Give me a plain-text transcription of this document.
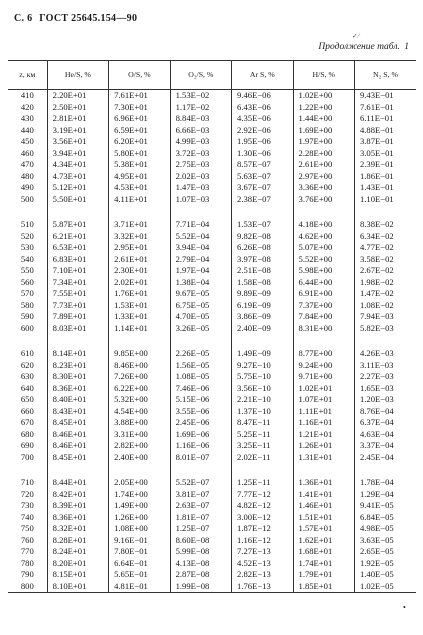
С. 6 ГОСТ 25645.154—90
✓∕
Продолжение табл. 1
z, км	He/S, %	O/S, %	O₂/S, %	Ar S, %	H/S, %	N₂ S, %
410	2.20E+01	7.61E+01	1.53E−02	9.46E−06	1.02E+00	9.43E−01
420	2.50E+01	7.30E+01	1.17E−02	6.43E−06	1.22E+00	7.61E−01
430	2.81E+01	6.96E+01	8.84E−03	4.35E−06	1.44E+00	6.11E−01
440	3.19E+01	6.59E+01	6.66E−03	2.92E−06	1.69E+00	4.88E−01
450	3.56E+01	6.20E+01	4.99E−03	1.95E−06	1.97E+00	3.87E−01
460	3.94E+01	5.80E+01	3.72E−03	1.30E−06	2.28E+00	3.05E−01
470	4.34E+01	5.38E+01	2.75E−03	8.57E−07	2.61E+00	2.39E−01
480	4.73E+01	4.95E+01	2.02E−03	5.63E−07	2.97E+00	1.86E−01
490	5.12E+01	4.53E+01	1.47E−03	3.67E−07	3.36E+00	1.43E−01
500	5.50E+01	4.11E+01	1.07E−03	2.38E−07	3.76E+00	1.10E−01

510	5.87E+01	3.71E+01	7.71E−04	1.53E−07	4.18E+00	8.38E−02
520	6.21E+01	3.32E+01	5.52E−04	9.82E−08	4.62E+00	6.34E−02
530	6.53E+01	2.95E+01	3.94E−04	6.26E−08	5.07E+00	4.77E−02
540	6.83E+01	2.61E+01	2.79E−04	3.97E−08	5.52E+00	3.58E−02
550	7.10E+01	2.30E+01	1.97E−04	2.51E−08	5.98E+00	2.67E−02
560	7.34E+01	2.02E+01	1.38E−04	1.58E−08	6.44E+00	1.98E−02
570	7.55E+01	1.76E+01	9.67E−05	9.89E−09	6.91E+00	1.47E−02
580	7.73E+01	1.53E+01	6.75E−05	6.19E−09	7.37E+00	1.08E−02
590	7.89E+01	1.33E+01	4.70E−05	3.86E−09	7.84E+00	7.94E−03
600	8.03E+01	1.14E+01	3.26E−05	2.40E−09	8.31E+00	5.82E−03

610	8.14E+01	9.85E+00	2.26E−05	1.49E−09	8.77E+00	4.26E−03
620	8.23E+01	8.46E+00	1.56E−05	9.27E−10	9.24E+00	3.11E−03
630	8.30E+01	7.26E+00	1.08E−05	5.75E−10	9.71E+00	2.27E−03
640	8.36E+01	6.22E+00	7.46E−06	3.56E−10	1.02E+01	1.65E−03
650	8.40E+01	5.32E+00	5.15E−06	2.21E−10	1.07E+01	1.20E−03
660	8.43E+01	4.54E+00	3.55E−06	1.37E−10	1.11E+01	8.76E−04
670	8.45E+01	3.88E+00	2.45E−06	8.47E−11	1.16E+01	6.37E−04
680	8.46E+01	3.31E+00	1.69E−06	5.25E−11	1.21E+01	4.63E−04
690	8.46E+01	2.82E+00	1.16E−06	3.25E−11	1.26E+01	3.37E−04
700	8.45E+01	2.40E+00	8.01E−07	2.02E−11	1.31E+01	2.45E−04

710	8.44E+01	2.05E+00	5.52E−07	1.25E−11	1.36E+01	1.78E−04
720	8.42E+01	1.74E+00	3.81E−07	7.77E−12	1.41E+01	1.29E−04
730	8.39E+01	1.49E+00	2.63E−07	4.82E−12	1.46E+01	9.41E−05
740	8.36E+01	1.26E+00	1.81E−07	3.00E−12	1.51E+01	6.84E−05
750	8.32E+01	1.08E+00	1.25E−07	1.87E−12	1.57E+01	4.98E−05
760	8.28E+01	9.16E−01	8.60E−08	1.16E−12	1.62E+01	3.63E−05
770	8.24E+01	7.80E−01	5.99E−08	7.27E−13	1.68E+01	2.65E−05
780	8.20E+01	6.64E−01	4.13E−08	4.52E−13	1.74E+01	1.92E−05
790	8.15E+01	5.65E−01	2.87E−08	2.82E−13	1.79E+01	1.40E−05
800	8.10E+01	4.81E−01	1.99E−08	1.76E−13	1.85E+01	1.02E−05
•
